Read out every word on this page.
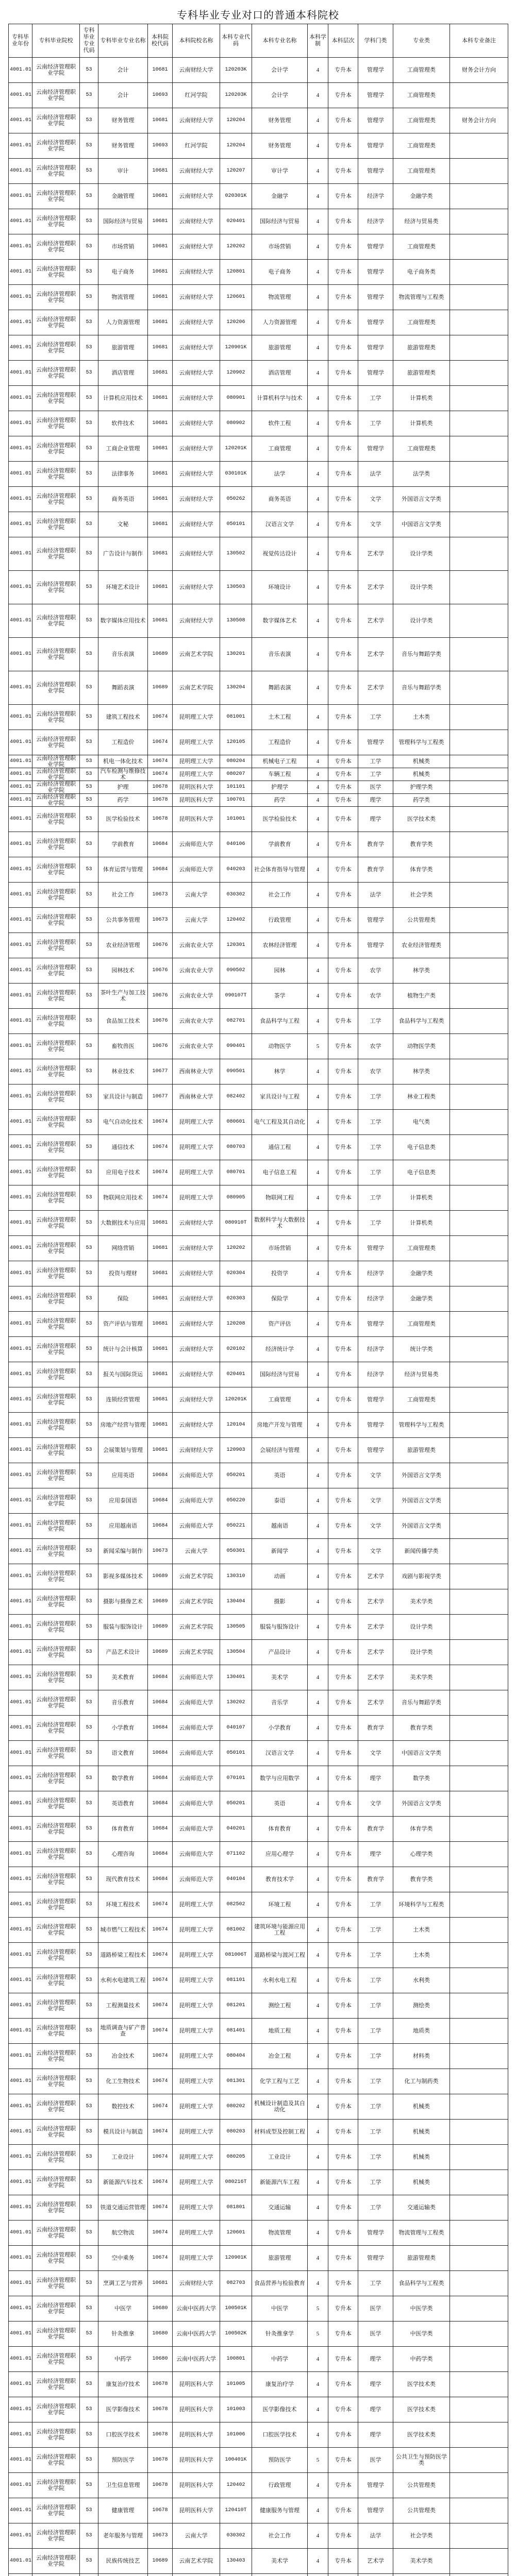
专科毕业专业对口的普通本科院校
专科毕业年份	专科毕业院校	专科毕业专业代码	专科毕业专业名称	本科院校代码	本科院校名称	本科专业代码	本科专业名称	本科学制	本科层次	学科门类	专业类	本科专业备注
4001.01	云南经济管理职业学院	53	会计	10681	云南财经大学	120203K	会计学	4	专升本	管理学	工商管理类	财务会计方向
4001.01	云南经济管理职业学院	53	会计	10693	红河学院	120203K	会计学	4	专升本	管理学	工商管理类	
4001.01	云南经济管理职业学院	53	财务管理	10681	云南财经大学	120204	财务管理	4	专升本	管理学	工商管理类	财务会计方向
4001.01	云南经济管理职业学院	53	财务管理	10693	红河学院	120204	财务管理	4	专升本	管理学	工商管理类	
4001.01	云南经济管理职业学院	53	审计	10681	云南财经大学	120207	审计学	4	专升本	管理学	工商管理类	
4001.01	云南经济管理职业学院	53	金融管理	10681	云南财经大学	020301K	金融学	4	专升本	经济学	金融学类	
4001.01	云南经济管理职业学院	53	国际经济与贸易	10681	云南财经大学	020401	国际经济与贸易	4	专升本	经济学	经济与贸易类	
4001.01	云南经济管理职业学院	53	市场营销	10681	云南财经大学	120202	市场营销	4	专升本	管理学	工商管理类	
4001.01	云南经济管理职业学院	53	电子商务	10681	云南财经大学	120801	电子商务	4	专升本	管理学	电子商务类	
4001.01	云南经济管理职业学院	53	物流管理	10681	云南财经大学	120601	物流管理	4	专升本	管理学	物流管理与工程类	
4001.01	云南经济管理职业学院	53	人力资源管理	10681	云南财经大学	120206	人力资源管理	4	专升本	管理学	工商管理类	
4001.01	云南经济管理职业学院	53	旅游管理	10681	云南财经大学	120901K	旅游管理	4	专升本	管理学	旅游管理类	
4001.01	云南经济管理职业学院	53	酒店管理	10681	云南财经大学	120902	酒店管理	4	专升本	管理学	旅游管理类	
4001.01	云南经济管理职业学院	53	计算机应用技术	10681	云南财经大学	080901	计算机科学与技术	4	专升本	工学	计算机类	
4001.01	云南经济管理职业学院	53	软件技术	10681	云南财经大学	080902	软件工程	4	专升本	工学	计算机类	
4001.01	云南经济管理职业学院	53	工商企业管理	10681	云南财经大学	120201K	工商管理	4	专升本	管理学	工商管理类	
4001.01	云南经济管理职业学院	53	法律事务	10681	云南财经大学	030101K	法学	4	专升本	法学	法学类	
4001.01	云南经济管理职业学院	53	商务英语	10681	云南财经大学	050262	商务英语	4	专升本	文学	外国语言文学类	
4001.01	云南经济管理职业学院	53	文秘	10681	云南财经大学	050101	汉语言文学	4	专升本	文学	中国语言文学类	
4001.01	云南经济管理职业学院	53	广告设计与制作	10681	云南财经大学	130502	视觉传达设计	4	专升本	艺术学	设计学类	
4001.01	云南经济管理职业学院	53	环境艺术设计	10681	云南财经大学	130503	环境设计	4	专升本	艺术学	设计学类	
4001.01	云南经济管理职业学院	53	数字媒体应用技术	10681	云南财经大学	130508	数字媒体艺术	4	专升本	艺术学	设计学类	
4001.01	云南经济管理职业学院	53	音乐表演	10689	云南艺术学院	130201	音乐表演	4	专升本	艺术学	音乐与舞蹈学类	
4001.01	云南经济管理职业学院	53	舞蹈表演	10689	云南艺术学院	130204	舞蹈表演	4	专升本	艺术学	音乐与舞蹈学类	
4001.01	云南经济管理职业学院	53	建筑工程技术	10674	昆明理工大学	081001	土木工程	4	专升本	工学	土木类	
4001.01	云南经济管理职业学院	53	工程造价	10674	昆明理工大学	120105	工程造价	4	专升本	管理学	管理科学与工程类	
4001.01	云南经济管理职业学院	53	机电一体化技术	10674	昆明理工大学	080204	机械电子工程	4	专升本	工学	机械类	
4001.01	云南经济管理职业学院	53	汽车检测与维修技术	10674	昆明理工大学	080207	车辆工程	4	专升本	工学	机械类	
4001.01	云南经济管理职业学院	53	护理	10678	昆明医科大学	101101	护理学	4	专升本	医学	护理学类	
4001.01	云南经济管理职业学院	53	药学	10678	昆明医科大学	100701	药学	4	专升本	理学	药学类	
4001.01	云南经济管理职业学院	53	医学检验技术	10678	昆明医科大学	101001	医学检验技术	4	专升本	理学	医学技术类	
4001.01	云南经济管理职业学院	53	学前教育	10684	云南师范大学	040106	学前教育	4	专升本	教育学	教育学类	
4001.01	云南经济管理职业学院	53	体育运营与管理	10684	云南师范大学	040203	社会体育指导与管理	4	专升本	教育学	体育学类	
4001.01	云南经济管理职业学院	53	社会工作	10673	云南大学	030302	社会工作	4	专升本	法学	社会学类	
4001.01	云南经济管理职业学院	53	公共事务管理	10673	云南大学	120402	行政管理	4	专升本	管理学	公共管理类	
4001.01	云南经济管理职业学院	53	农业经济管理	10676	云南农业大学	120301	农林经济管理	4	专升本	管理学	农业经济管理类	
4001.01	云南经济管理职业学院	53	园林技术	10676	云南农业大学	090502	园林	4	专升本	农学	林学类	
4001.01	云南经济管理职业学院	53	茶叶生产与加工技术	10676	云南农业大学	090107T	茶学	4	专升本	农学	植物生产类	
4001.01	云南经济管理职业学院	53	食品加工技术	10676	云南农业大学	082701	食品科学与工程	4	专升本	工学	食品科学与工程类	
4001.01	云南经济管理职业学院	53	畜牧兽医	10676	云南农业大学	090401	动物医学	5	专升本	农学	动物医学类	
4001.01	云南经济管理职业学院	53	林业技术	10677	西南林业大学	090501	林学	4	专升本	农学	林学类	
4001.01	云南经济管理职业学院	53	家具设计与制造	10677	西南林业大学	082402	家具设计与工程	4	专升本	工学	林业工程类	
4001.01	云南经济管理职业学院	53	电气自动化技术	10674	昆明理工大学	080601	电气工程及其自动化	4	专升本	工学	电气类	
4001.01	云南经济管理职业学院	53	通信技术	10674	昆明理工大学	080703	通信工程	4	专升本	工学	电子信息类	
4001.01	云南经济管理职业学院	53	应用电子技术	10674	昆明理工大学	080701	电子信息工程	4	专升本	工学	电子信息类	
4001.01	云南经济管理职业学院	53	物联网应用技术	10674	昆明理工大学	080905	物联网工程	4	专升本	工学	计算机类	
4001.01	云南经济管理职业学院	53	大数据技术与应用	10681	云南财经大学	080910T	数据科学与大数据技术	4	专升本	工学	计算机类	
4001.01	云南经济管理职业学院	53	网络营销	10681	云南财经大学	120202	市场营销	4	专升本	管理学	工商管理类	
4001.01	云南经济管理职业学院	53	投资与理财	10681	云南财经大学	020304	投资学	4	专升本	经济学	金融学类	
4001.01	云南经济管理职业学院	53	保险	10681	云南财经大学	020303	保险学	4	专升本	经济学	金融学类	
4001.01	云南经济管理职业学院	53	资产评估与管理	10681	云南财经大学	120208	资产评估	4	专升本	管理学	工商管理类	
4001.01	云南经济管理职业学院	53	统计与会计核算	10681	云南财经大学	020102	经济统计学	4	专升本	经济学	统计学类	
4001.01	云南经济管理职业学院	53	报关与国际货运	10681	云南财经大学	020401	国际经济与贸易	4	专升本	经济学	经济与贸易类	
4001.01	云南经济管理职业学院	53	连锁经营管理	10681	云南财经大学	120201K	工商管理	4	专升本	管理学	工商管理类	
4001.01	云南经济管理职业学院	53	房地产经营与管理	10681	云南财经大学	120104	房地产开发与管理	4	专升本	管理学	管理科学与工程类	
4001.01	云南经济管理职业学院	53	会展策划与管理	10681	云南财经大学	120903	会展经济与管理	4	专升本	管理学	旅游管理类	
4001.01	云南经济管理职业学院	53	应用英语	10684	云南师范大学	050201	英语	4	专升本	文学	外国语言文学类	
4001.01	云南经济管理职业学院	53	应用泰国语	10684	云南师范大学	050220	泰语	4	专升本	文学	外国语言文学类	
4001.01	云南经济管理职业学院	53	应用越南语	10684	云南师范大学	050221	越南语	4	专升本	文学	外国语言文学类	
4001.01	云南经济管理职业学院	53	新闻采编与制作	10673	云南大学	050301	新闻学	4	专升本	文学	新闻传播学类	
4001.01	云南经济管理职业学院	53	影视多媒体技术	10689	云南艺术学院	130310	动画	4	专升本	艺术学	戏剧与影视学类	
4001.01	云南经济管理职业学院	53	摄影与摄像艺术	10689	云南艺术学院	130404	摄影	4	专升本	艺术学	美术学类	
4001.01	云南经济管理职业学院	53	服装与服饰设计	10689	云南艺术学院	130505	服装与服饰设计	4	专升本	艺术学	设计学类	
4001.01	云南经济管理职业学院	53	产品艺术设计	10689	云南艺术学院	130504	产品设计	4	专升本	艺术学	设计学类	
4001.01	云南经济管理职业学院	53	美术教育	10684	云南师范大学	130401	美术学	4	专升本	艺术学	美术学类	
4001.01	云南经济管理职业学院	53	音乐教育	10684	云南师范大学	130202	音乐学	4	专升本	艺术学	音乐与舞蹈学类	
4001.01	云南经济管理职业学院	53	小学教育	10684	云南师范大学	040107	小学教育	4	专升本	教育学	教育学类	
4001.01	云南经济管理职业学院	53	语文教育	10684	云南师范大学	050101	汉语言文学	4	专升本	文学	中国语言文学类	
4001.01	云南经济管理职业学院	53	数学教育	10684	云南师范大学	070101	数学与应用数学	4	专升本	理学	数学类	
4001.01	云南经济管理职业学院	53	英语教育	10684	云南师范大学	050201	英语	4	专升本	文学	外国语言文学类	
4001.01	云南经济管理职业学院	53	体育教育	10684	云南师范大学	040201	体育教育	4	专升本	教育学	体育学类	
4001.01	云南经济管理职业学院	53	心理咨询	10684	云南师范大学	071102	应用心理学	4	专升本	理学	心理学类	
4001.01	云南经济管理职业学院	53	现代教育技术	10684	云南师范大学	040104	教育技术学	4	专升本	教育学	教育学类	
4001.01	云南经济管理职业学院	53	环境工程技术	10674	昆明理工大学	082502	环境工程	4	专升本	工学	环境科学与工程类	
4001.01	云南经济管理职业学院	53	城市燃气工程技术	10674	昆明理工大学	081002	建筑环境与能源应用工程	4	专升本	工学	土木类	
4001.01	云南经济管理职业学院	53	道路桥梁工程技术	10674	昆明理工大学	081006T	道路桥梁与渡河工程	4	专升本	工学	土木类	
4001.01	云南经济管理职业学院	53	水利水电建筑工程	10674	昆明理工大学	081101	水利水电工程	4	专升本	工学	水利类	
4001.01	云南经济管理职业学院	53	工程测量技术	10674	昆明理工大学	081201	测绘工程	4	专升本	工学	测绘类	
4001.01	云南经济管理职业学院	53	地质调查与矿产普查	10674	昆明理工大学	081401	地质工程	4	专升本	工学	地质类	
4001.01	云南经济管理职业学院	53	冶金技术	10674	昆明理工大学	080404	冶金工程	4	专升本	工学	材料类	
4001.01	云南经济管理职业学院	53	化工生物技术	10674	昆明理工大学	081301	化学工程与工艺	4	专升本	工学	化工与制药类	
4001.01	云南经济管理职业学院	53	数控技术	10674	昆明理工大学	080202	机械设计制造及其自动化	4	专升本	工学	机械类	
4001.01	云南经济管理职业学院	53	模具设计与制造	10674	昆明理工大学	080203	材料成型及控制工程	4	专升本	工学	机械类	
4001.01	云南经济管理职业学院	53	工业设计	10674	昆明理工大学	080205	工业设计	4	专升本	工学	机械类	
4001.01	云南经济管理职业学院	53	新能源汽车技术	10674	昆明理工大学	080216T	新能源汽车工程	4	专升本	工学	机械类	
4001.01	云南经济管理职业学院	53	铁道交通运营管理	10674	昆明理工大学	081801	交通运输	4	专升本	工学	交通运输类	
4001.01	云南经济管理职业学院	53	航空物流	10674	昆明理工大学	120601	物流管理	4	专升本	管理学	物流管理与工程类	
4001.01	云南经济管理职业学院	53	空中乘务	10674	昆明理工大学	120901K	旅游管理	4	专升本	管理学	旅游管理类	
4001.01	云南经济管理职业学院	53	烹调工艺与营养	10681	云南财经大学	082703	食品营养与检验教育	4	专升本	工学	食品科学与工程类	
4001.01	云南经济管理职业学院	53	中医学	10680	云南中医药大学	100501K	中医学	5	专升本	医学	中医学类	
4001.01	云南经济管理职业学院	53	针灸推拿	10680	云南中医药大学	100502K	针灸推拿学	5	专升本	医学	中医学类	
4001.01	云南经济管理职业学院	53	中药学	10680	云南中医药大学	100801	中药学	4	专升本	理学	中药学类	
4001.01	云南经济管理职业学院	53	康复治疗技术	10678	昆明医科大学	101005	康复治疗学	4	专升本	理学	医学技术类	
4001.01	云南经济管理职业学院	53	医学影像技术	10678	昆明医科大学	101003	医学影像技术	4	专升本	理学	医学技术类	
4001.01	云南经济管理职业学院	53	口腔医学技术	10678	昆明医科大学	101006	口腔医学技术	4	专升本	理学	医学技术类	
4001.01	云南经济管理职业学院	53	预防医学	10678	昆明医科大学	100401K	预防医学	5	专升本	医学	公共卫生与预防医学类	
4001.01	云南经济管理职业学院	53	卫生信息管理	10678	昆明医科大学	120402	行政管理	4	专升本	管理学	公共管理类	
4001.01	云南经济管理职业学院	53	健康管理	10678	昆明医科大学	120410T	健康服务与管理	4	专升本	管理学	公共管理类	
4001.01	云南经济管理职业学院	53	老年服务与管理	10673	云南大学	030302	社会工作	4	专升本	法学	社会学类	
4001.01	云南经济管理职业学院	53	民族传统技艺	10689	云南艺术学院	130403	美术学	4	专升本	艺术学	美术学类	
